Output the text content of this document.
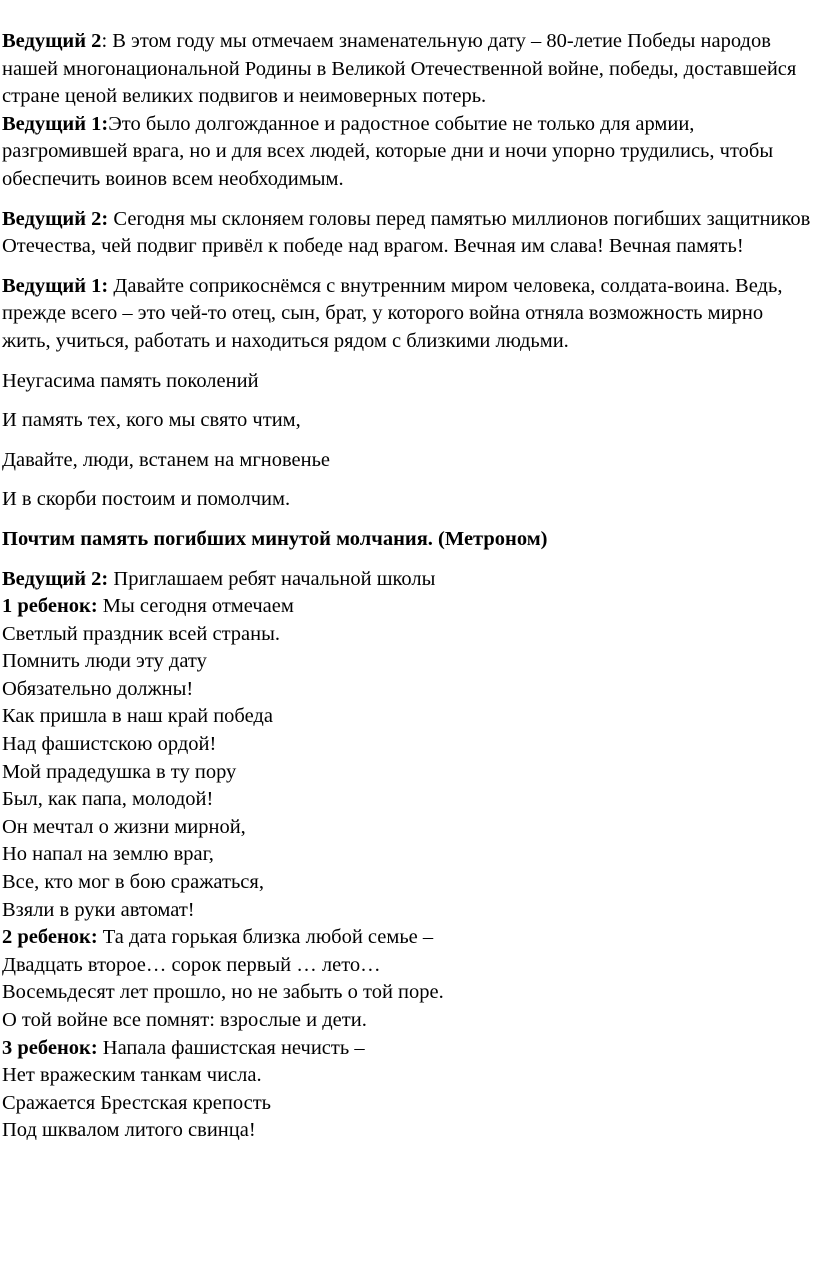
Ведущий 2: В этом году мы отмечаем знаменательную дату – 80-летие Победы народов нашей многонациональной Родины в Великой Отечественной войне, победы, доставшейся стране ценой великих подвигов и неимоверных потерь.

Ведущий 1:Это было долгожданное и радостное событие не только для армии, разгромившей врага, но и для всех людей, которые дни и ночи упорно трудились, чтобы обеспечить воинов всем необходимым.

Ведущий 2: Сегодня мы склоняем головы перед памятью миллионов погибших защитников Отечества, чей подвиг привёл к победе над врагом. Вечная им слава! Вечная память!

Ведущий 1: Давайте соприкоснёмся с внутренним миром человека, солдата-воина. Ведь, прежде всего – это чей-то отец, сын, брат, у которого война отняла возможность мирно жить, учиться, работать и находиться рядом с близкими людьми.

Неугасима память поколений

И память тех, кого мы свято чтим,

Давайте, люди, встанем на мгновенье

И в скорби постоим и помолчим.

Почтим память погибших минутой молчания. (Метроном)

Ведущий 2: Приглашаем ребят начальной школы

1 ребенок: Мы сегодня отмечаем

Светлый праздник всей страны.

Помнить люди эту дату

Обязательно должны!

Как пришла в наш край победа

Над фашистскою ордой!

Мой прадедушка в ту пору

Был, как папа, молодой!

Он мечтал о жизни мирной,

Но напал на землю враг,

Все, кто мог в бою сражаться,

Взяли в руки автомат!

2 ребенок: Та дата горькая близка любой семье –

Двадцать второе… сорок первый … лето…

Восемьдесят лет прошло, но не забыть о той поре.

О той войне все помнят: взрослые и дети.

3 ребенок: Напала фашистская нечисть –

Нет вражеским танкам числа.

Сражается Брестская крепость

Под шквалом литого свинца!
